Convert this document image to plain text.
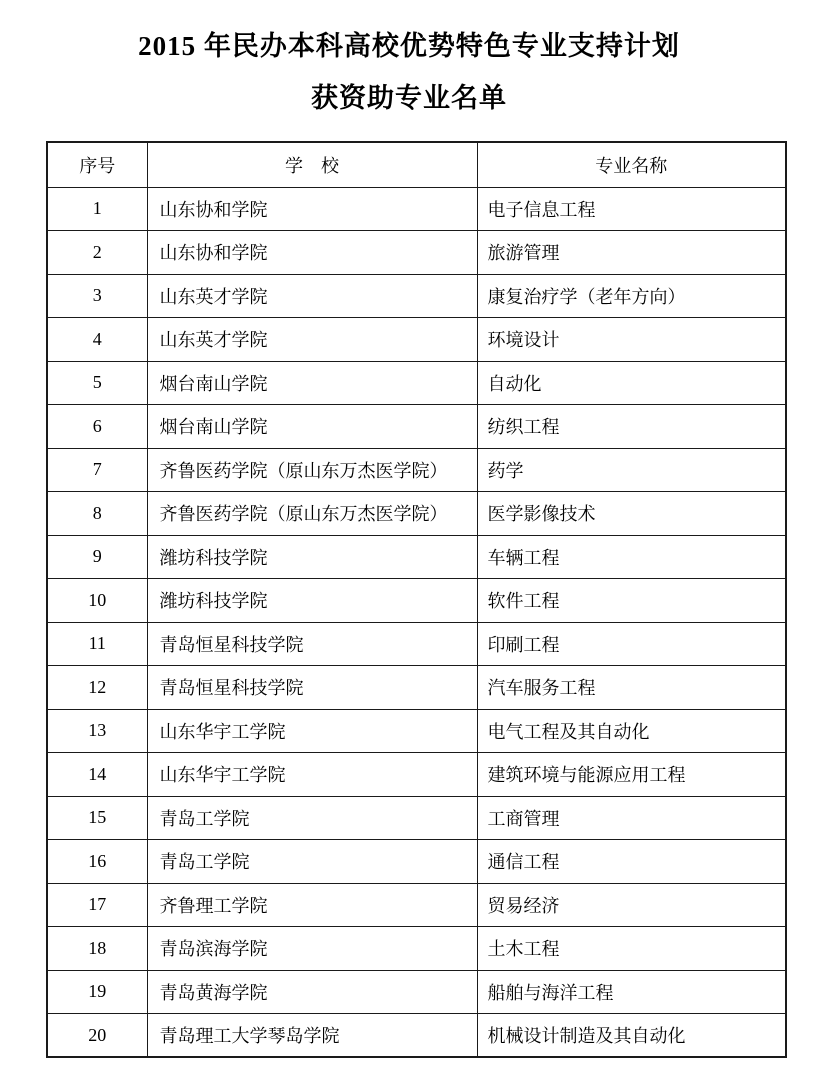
2015 年民办本科高校优势特色专业支持计划
获资助专业名单
序号	学　校	专业名称
1	山东协和学院	电子信息工程
2	山东协和学院	旅游管理
3	山东英才学院	康复治疗学（老年方向）
4	山东英才学院	环境设计
5	烟台南山学院	自动化
6	烟台南山学院	纺织工程
7	齐鲁医药学院（原山东万杰医学院）	药学
8	齐鲁医药学院（原山东万杰医学院）	医学影像技术
9	潍坊科技学院	车辆工程
10	潍坊科技学院	软件工程
11	青岛恒星科技学院	印刷工程
12	青岛恒星科技学院	汽车服务工程
13	山东华宇工学院	电气工程及其自动化
14	山东华宇工学院	建筑环境与能源应用工程
15	青岛工学院	工商管理
16	青岛工学院	通信工程
17	齐鲁理工学院	贸易经济
18	青岛滨海学院	土木工程
19	青岛黄海学院	船舶与海洋工程
20	青岛理工大学琴岛学院	机械设计制造及其自动化
